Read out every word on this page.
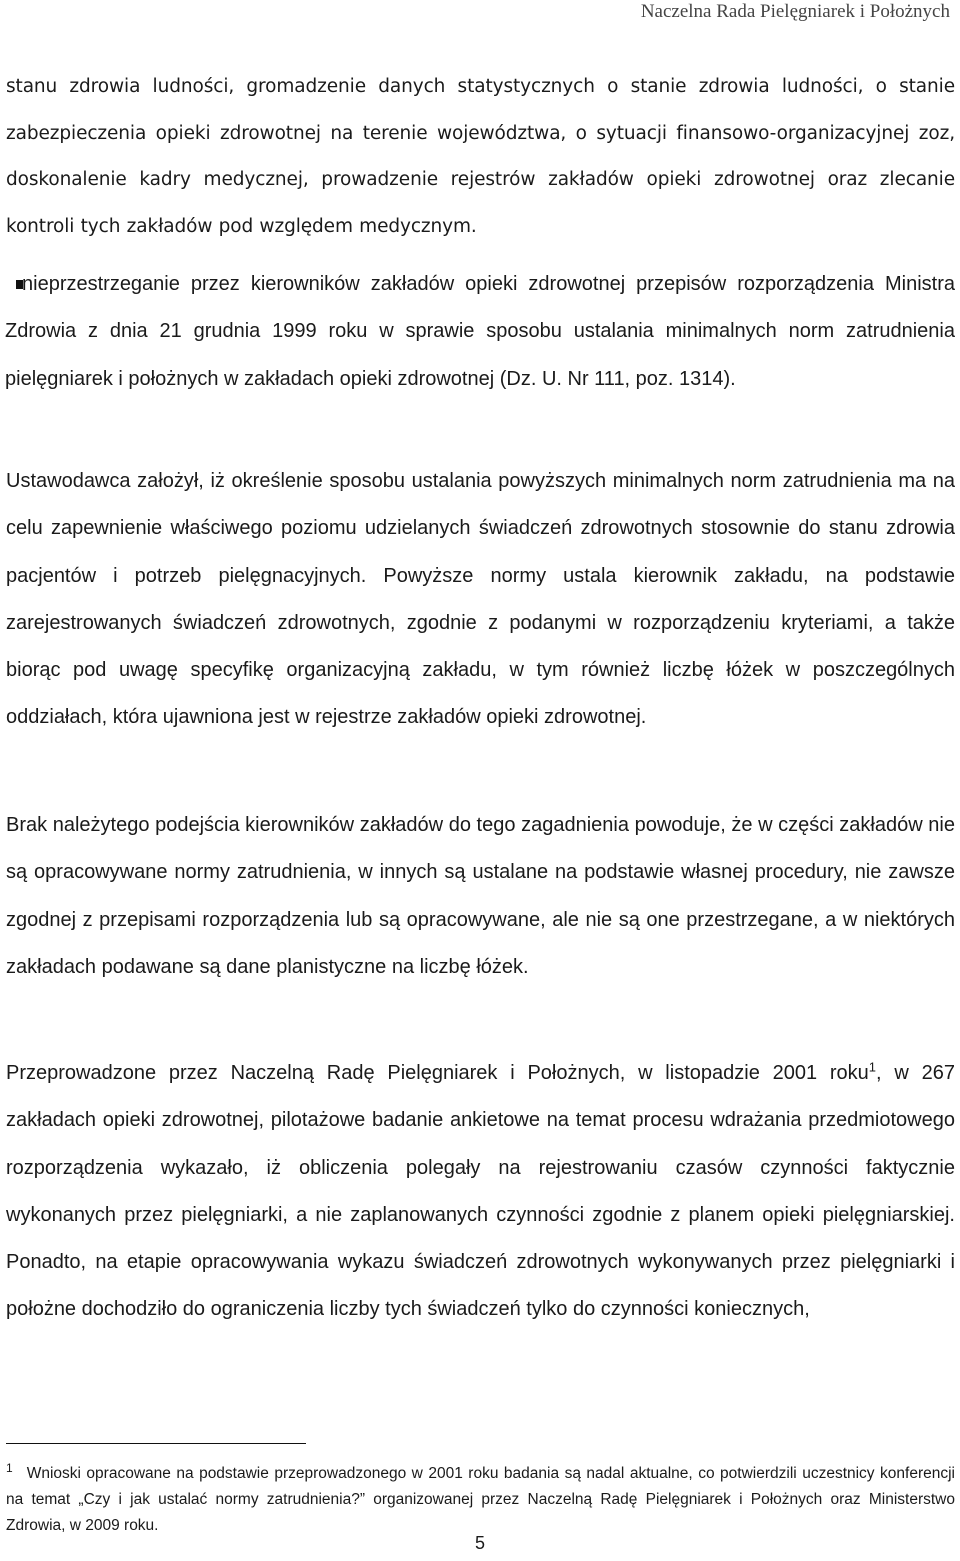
Naczelna Rada Pielęgniarek i Położnych

stanu zdrowia ludności, gromadzenie danych statystycznych o stanie zdrowia ludności, o stanie zabezpieczenia opieki zdrowotnej na terenie województwa, o sytuacji finansowo-organizacyjnej zoz, doskonalenie kadry medycznej, prowadzenie rejestrów zakładów opieki zdrowotnej oraz zlecanie kontroli tych zakładów pod względem medycznym.

nieprzestrzeganie przez kierowników zakładów opieki zdrowotnej przepisów rozporządzenia Ministra Zdrowia z dnia 21 grudnia 1999 roku w sprawie sposobu ustalania minimalnych norm zatrudnienia pielęgniarek i położnych w zakładach opieki zdrowotnej (Dz. U. Nr 111, poz. 1314).

Ustawodawca założył, iż określenie sposobu ustalania powyższych minimalnych norm zatrudnienia ma na celu zapewnienie właściwego poziomu udzielanych świadczeń zdrowotnych stosownie do stanu zdrowia pacjentów i potrzeb pielęgnacyjnych. Powyższe normy ustala kierownik zakładu, na podstawie zarejestrowanych świadczeń zdrowotnych, zgodnie z podanymi w rozporządzeniu kryteriami, a także biorąc pod uwagę specyfikę organizacyjną zakładu, w tym również liczbę łóżek w poszczególnych oddziałach, która ujawniona jest w rejestrze zakładów opieki zdrowotnej.

Brak należytego podejścia kierowników zakładów do tego zagadnienia powoduje, że w części zakładów nie są opracowywane normy zatrudnienia, w innych są ustalane na podstawie własnej procedury, nie zawsze zgodnej z przepisami rozporządzenia lub są opracowywane, ale nie są one przestrzegane, a w niektórych zakładach podawane są dane planistyczne na liczbę łóżek.

Przeprowadzone przez Naczelną Radę Pielęgniarek i Położnych, w listopadzie 2001 roku$^1$, w 267 zakładach opieki zdrowotnej, pilotażowe badanie ankietowe na temat procesu wdrażania przedmiotowego rozporządzenia wykazało, iż obliczenia polegały na rejestrowaniu czasów czynności faktycznie wykonanych przez pielęgniarki, a nie zaplanowanych czynności zgodnie z planem opieki pielęgniarskiej. Ponadto, na etapie opracowywania wykazu świadczeń zdrowotnych wykonywanych przez pielęgniarki i położne dochodziło do ograniczenia liczby tych świadczeń tylko do czynności koniecznych,

$^1$ Wnioski opracowane na podstawie przeprowadzonego w 2001 roku badania są nadal aktualne, co potwierdzili uczestnicy konferencji na temat „Czy i jak ustalać normy zatrudnienia?” organizowanej przez Naczelną Radę Pielęgniarek i Położnych oraz Ministerstwo Zdrowia, w 2009 roku.
5
